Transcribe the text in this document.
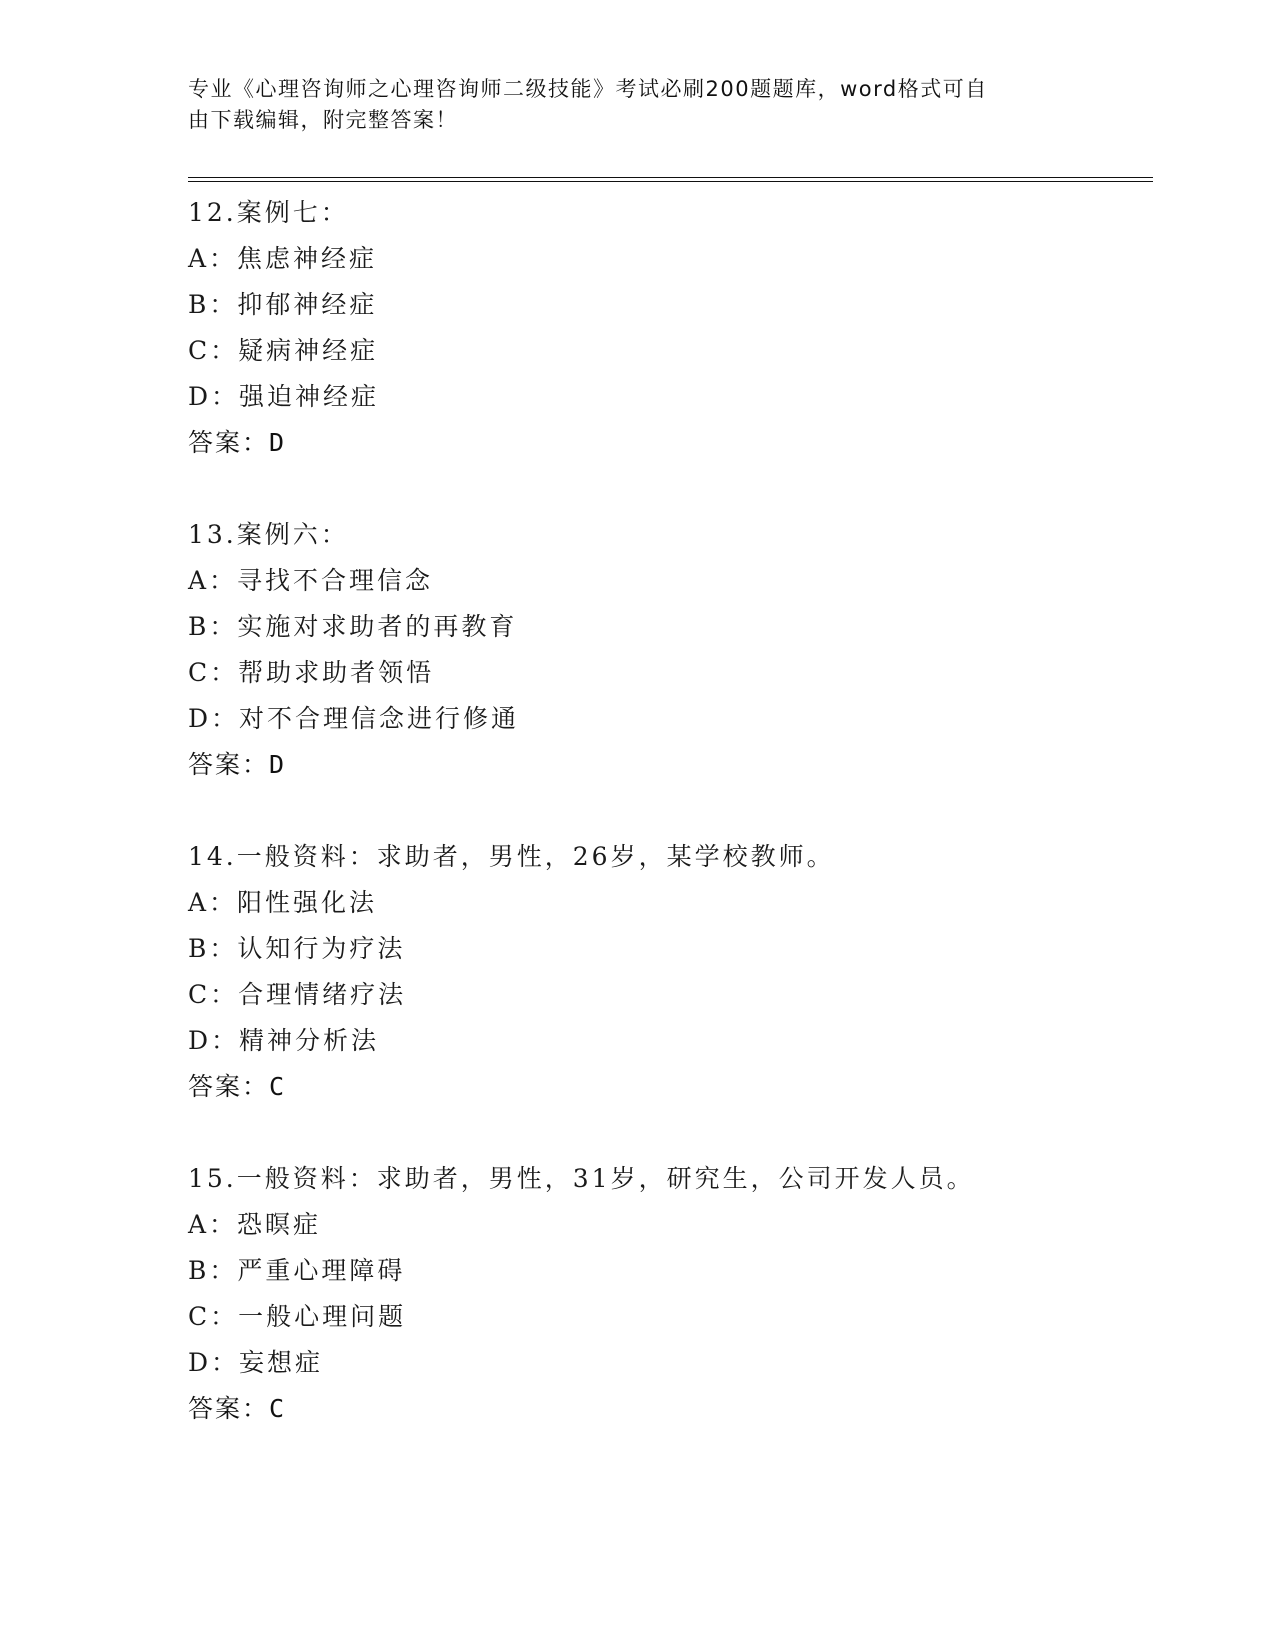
专业《心理咨询师之心理咨询师二级技能》考试必刷200题题库，word格式可自
由下载编辑，附完整答案！
12.案例七：
A：焦虑神经症
B：抑郁神经症
C：疑病神经症
D：强迫神经症
答案：D
13.案例六：
A：寻找不合理信念
B：实施对求助者的再教育
C：帮助求助者领悟
D：对不合理信念进行修通
答案：D
14.一般资料：求助者，男性，26岁，某学校教师。
A：阳性强化法
B：认知行为疗法
C：合理情绪疗法
D：精神分析法
答案：C
15.一般资料：求助者，男性，31岁，研究生，公司开发人员。
A：恐暝症
B：严重心理障碍
C：一般心理问题
D：妄想症
答案：C
